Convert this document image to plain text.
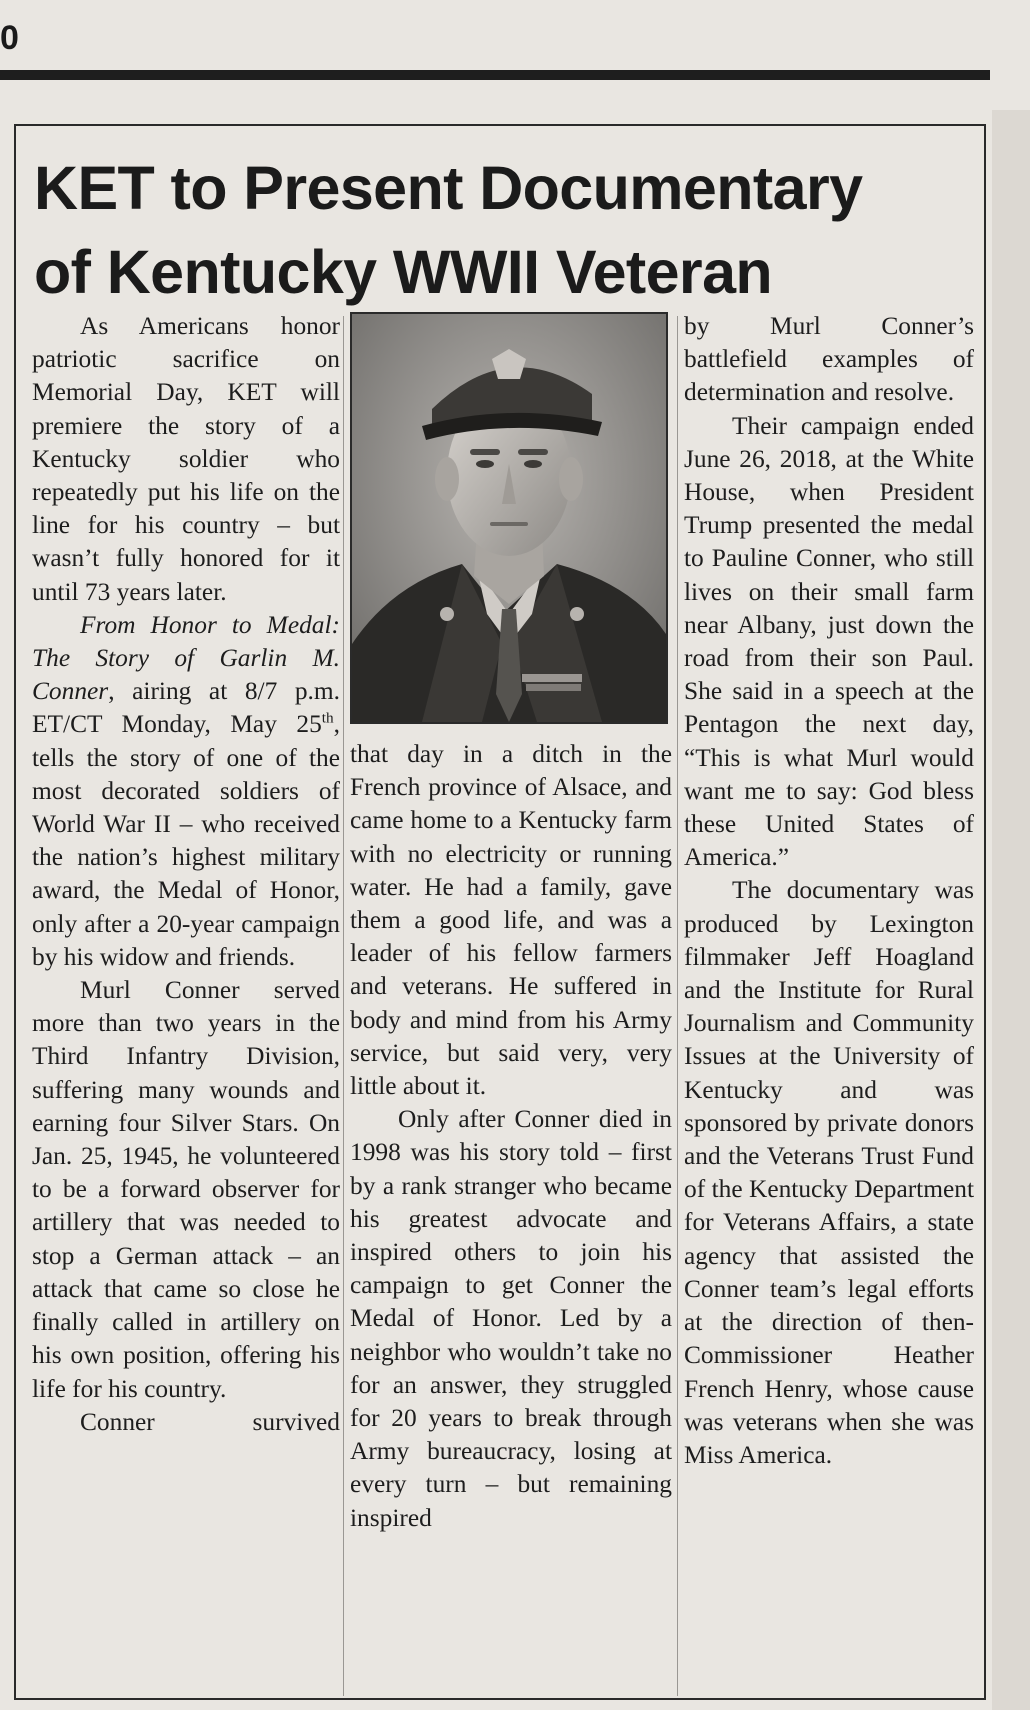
0
KET to Present Documentary
of Kentucky WWII Veteran

As Americans honor patriotic sacrifice on Memorial Day, KET will premiere the story of a Kentucky soldier who repeatedly put his life on the line for his country – but wasn’t fully honored for it until 73 years later.

From Honor to Medal: The Story of Garlin M. Conner, airing at 8/7 p.m. ET/CT Monday, May 25th, tells the story of one of the most decorated soldiers of World War II – who received the nation’s highest military award, the Medal of Honor, only after a 20-year campaign by his widow and friends.

Murl Conner served more than two years in the Third Infantry Division, suffering many wounds and earning four Silver Stars. On Jan. 25, 1945, he volunteered to be a forward observer for artillery that was needed to stop a German attack – an attack that came so close he finally called in artillery on his own position, offering his life for his country.

Conner survived

that day in a ditch in the French province of Alsace, and came home to a Kentucky farm with no electricity or running water. He had a family, gave them a good life, and was a leader of his fellow farmers and veterans. He suffered in body and mind from his Army service, but said very, very little about it.

Only after Conner died in 1998 was his story told – first by a rank stranger who became his greatest advocate and inspired others to join his campaign to get Conner the Medal of Honor. Led by a neighbor who wouldn’t take no for an answer, they struggled for 20 years to break through Army bureaucracy, losing at every turn – but remaining inspired

by Murl Conner’s battlefield examples of determination and resolve.

Their campaign ended June 26, 2018, at the White House, when President Trump presented the medal to Pauline Conner, who still lives on their small farm near Albany, just down the road from their son Paul. She said in a speech at the Pentagon the next day, “This is what Murl would want me to say: God bless these United States of America.”

The documentary was produced by Lexington filmmaker Jeff Hoagland and the Institute for Rural Journalism and Community Issues at the University of Kentucky and was sponsored by private donors and the Veterans Trust Fund of the Kentucky Department for Veterans Affairs, a state agency that assisted the Conner team’s legal efforts at the direction of then-Commissioner Heather French Henry, whose cause was veterans when she was Miss America.
